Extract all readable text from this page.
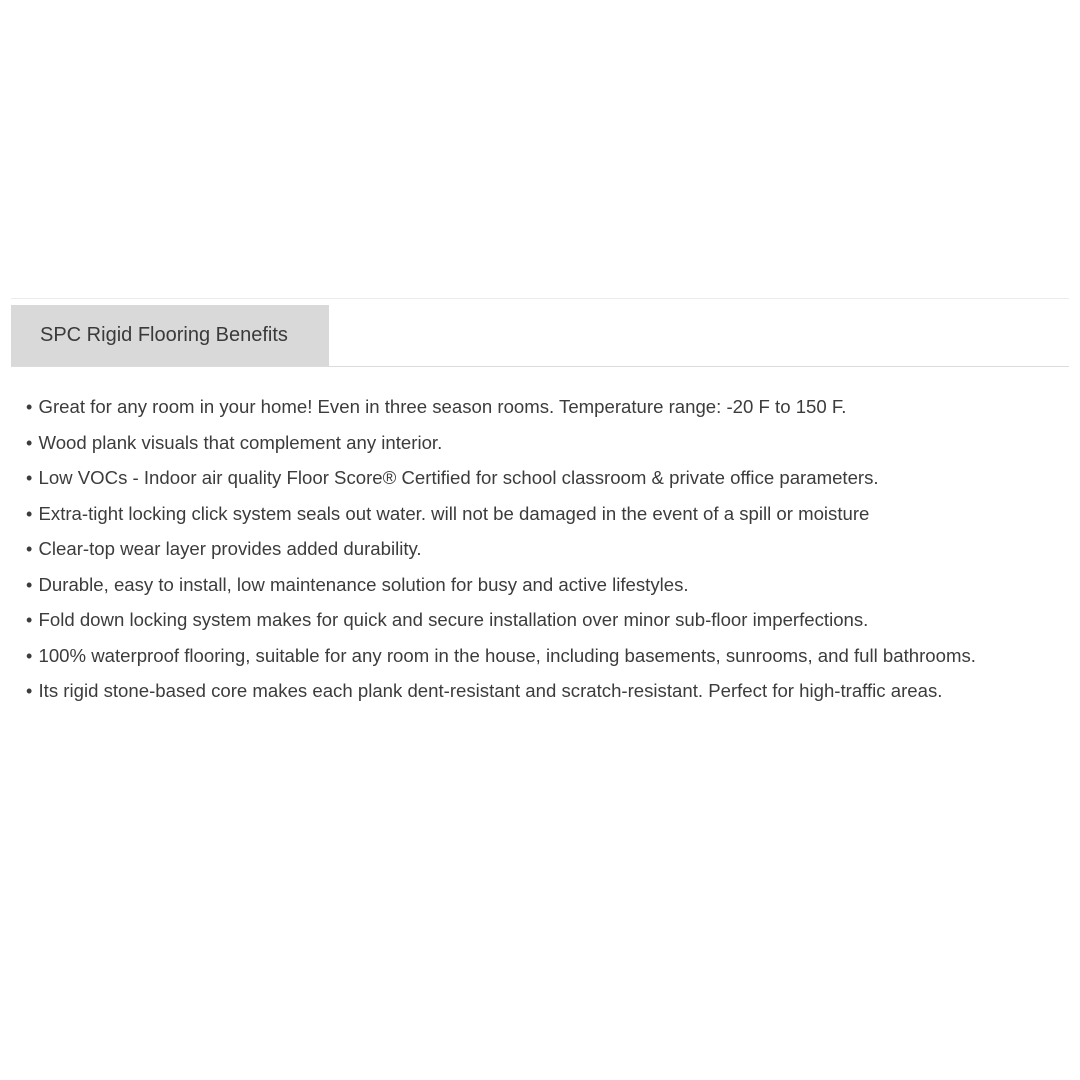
SPC Rigid Flooring Benefits
• Great for any room in your home! Even in three season rooms. Temperature range: -20 F to 150 F.
• Wood plank visuals that complement any interior.
• Low VOCs - Indoor air quality Floor Score® Certified for school classroom & private office parameters.
• Extra-tight locking click system seals out water. will not be damaged in the event of a spill or moisture
• Clear-top wear layer provides added durability.
• Durable, easy to install, low maintenance solution for busy and active lifestyles.
• Fold down locking system makes for quick and secure installation over minor sub-floor imperfections.
• 100% waterproof flooring, suitable for any room in the house, including basements, sunrooms, and full bathrooms.
• Its rigid stone-based core makes each plank dent-resistant and scratch-resistant. Perfect for high-traffic areas.
